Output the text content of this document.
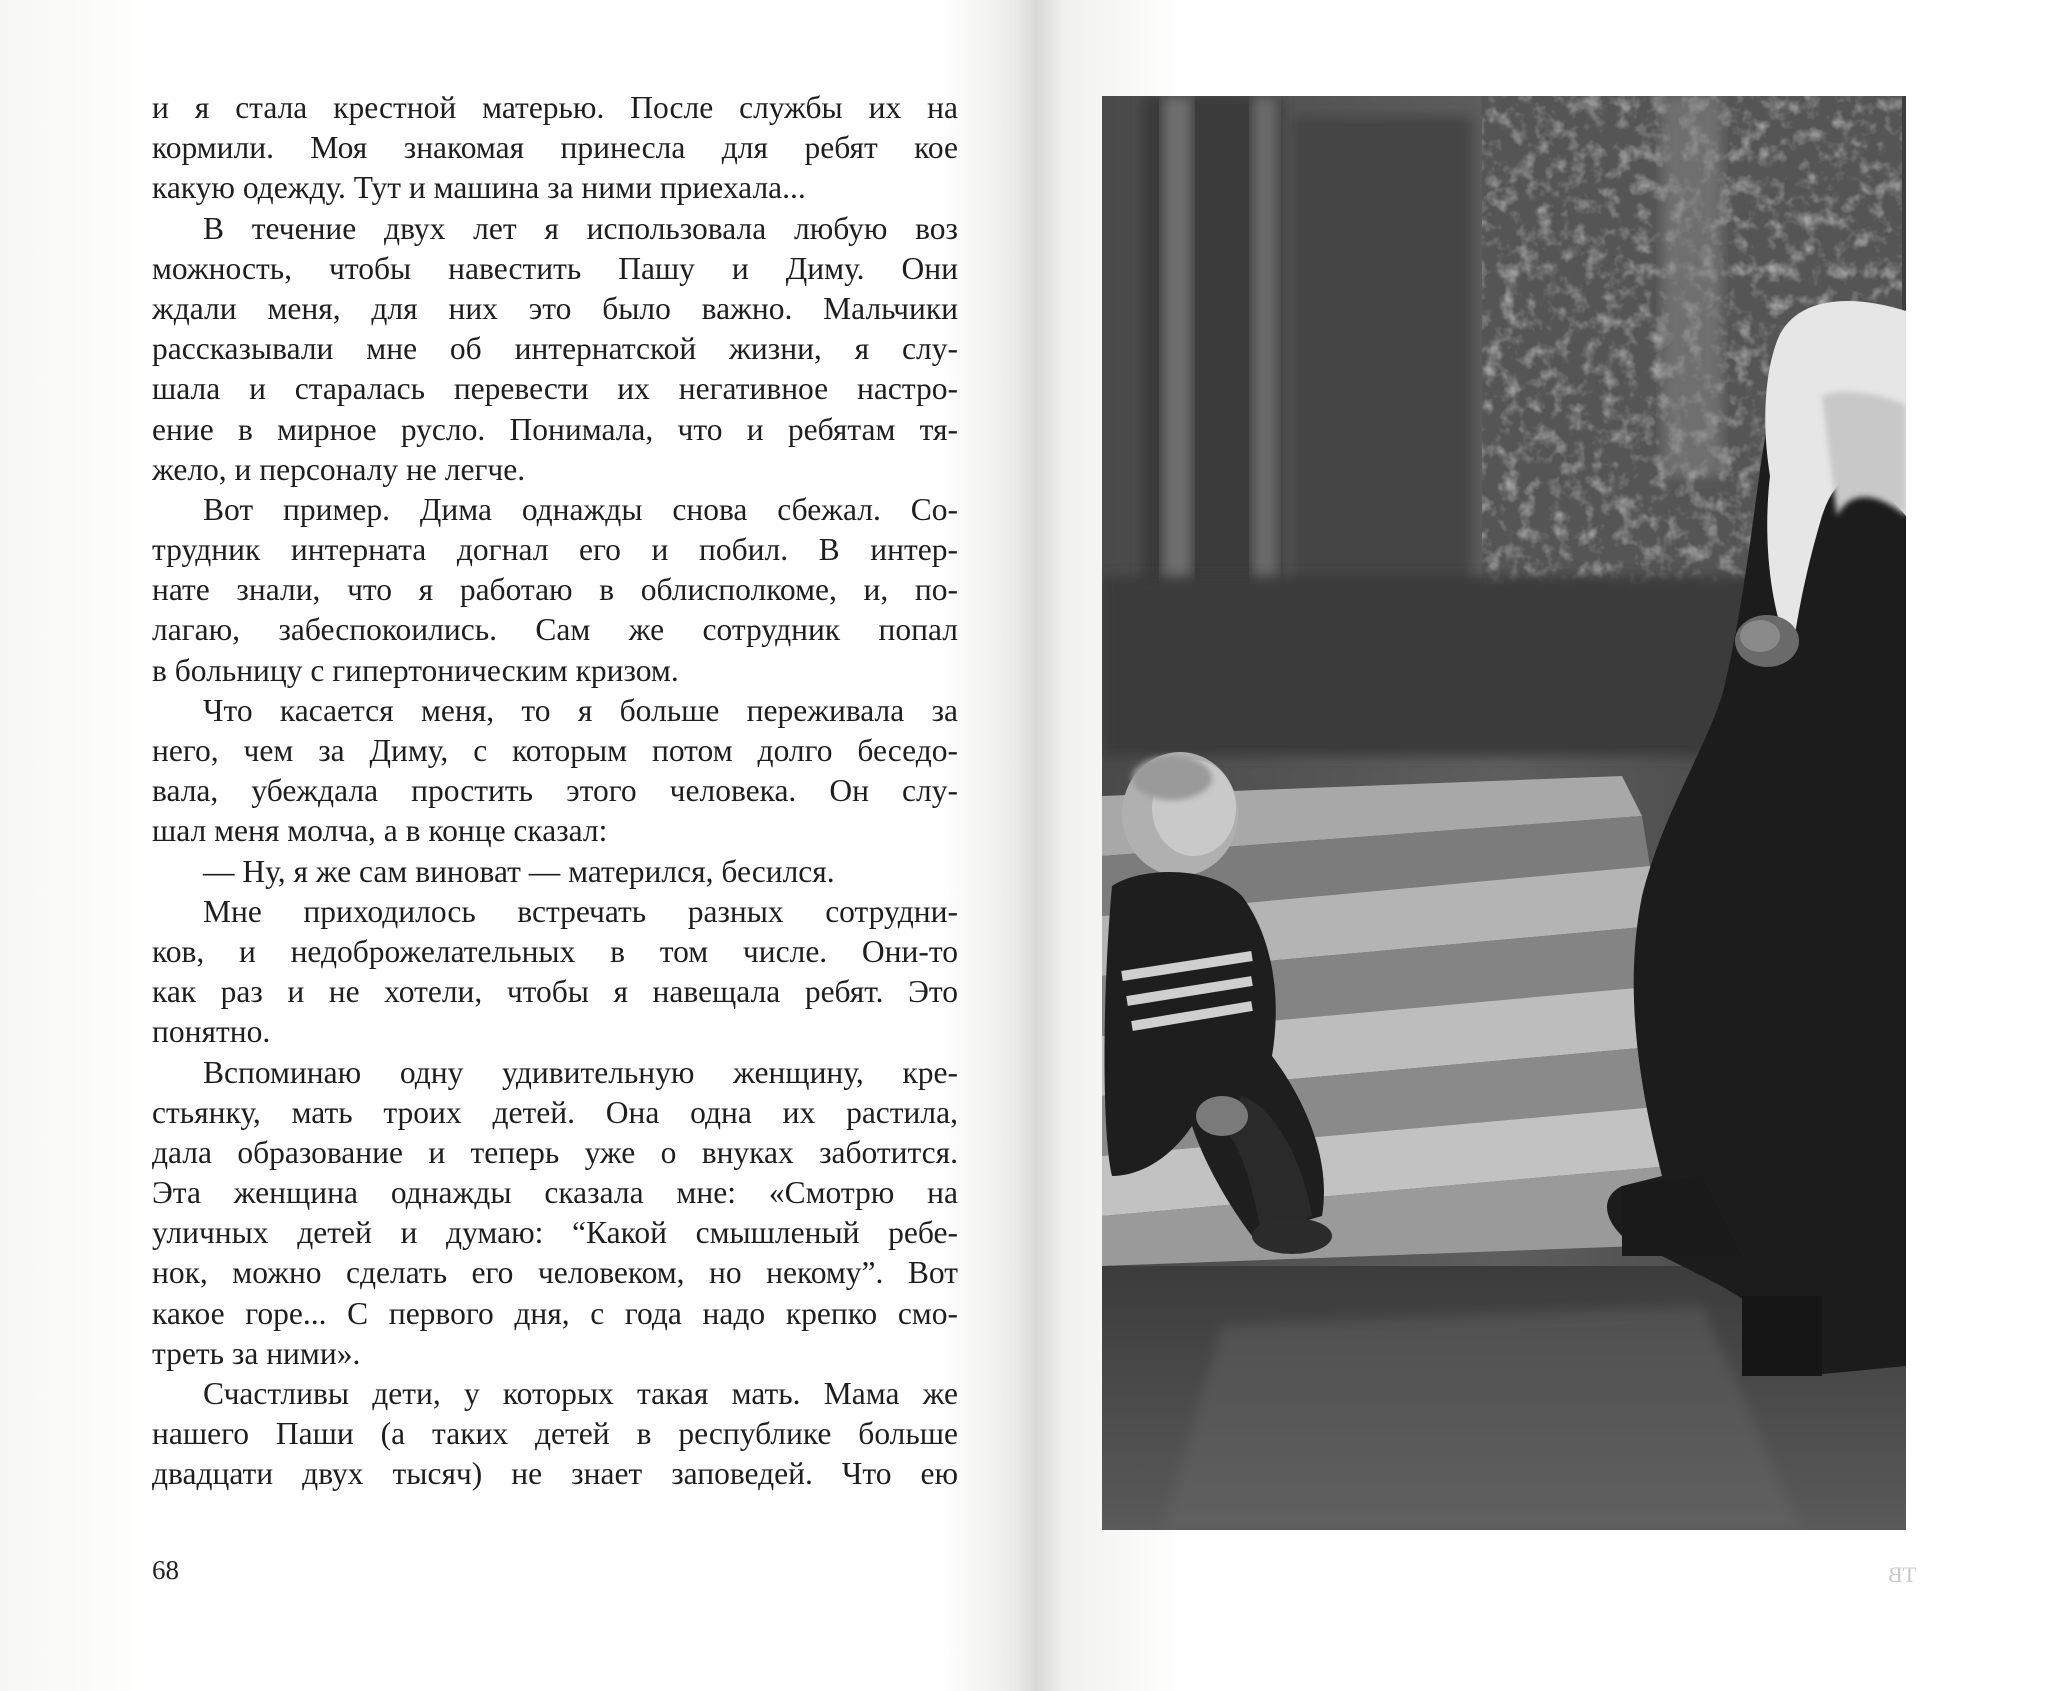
и я стала крестной матерью. После службы их на
кормили. Моя знакомая принесла для ребят кое
какую одежду. Тут и машина за ними приехала...
В течение двух лет я использовала любую воз
можность, чтобы навестить Пашу и Диму. Они
ждали меня, для них это было важно. Мальчики
рассказывали мне об интернатской жизни, я слу-
шала и старалась перевести их негативное настро-
ение в мирное русло. Понимала, что и ребятам тя-
жело, и персоналу не легче.
Вот пример. Дима однажды снова сбежал. Со-
трудник интерната догнал его и побил. В интер-
нате знали, что я работаю в облисполкоме, и, по-
лагаю, забеспокоились. Сам же сотрудник попал
в больницу с гипертоническим кризом.
Что касается меня, то я больше переживала за
него, чем за Диму, с которым потом долго беседо-
вала, убеждала простить этого человека. Он слу-
шал меня молча, а в конце сказал:
— Ну, я же сам виноват — матерился, бесился.
Мне приходилось встречать разных сотрудни-
ков, и недоброжелательных в том числе. Они-то
как раз и не хотели, чтобы я навещала ребят. Это
понятно.
Вспоминаю одну удивительную женщину, кре-
стьянку, мать троих детей. Она одна их растила,
дала образование и теперь уже о внуках заботится.
Эта женщина однажды сказала мне: «Смотрю на
уличных детей и думаю: “Какой смышленый ребе-
нок, можно сделать его человеком, но некому”. Вот
какое горе... С первого дня, с года надо крепко смо-
треть за ними».
Счастливы дети, у которых такая мать. Мама же
нашего Паши (а таких детей в республике больше
двадцати двух тысяч) не знает заповедей. Что ею
68	ТВ
